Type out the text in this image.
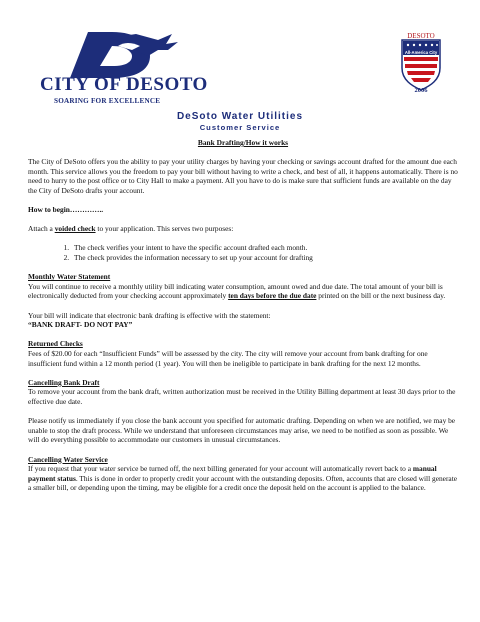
CITY OF DESOTO
SOARING FOR EXCELLENCE
DESOTO
All-America City
2006
DeSoto Water Utilities
Customer Service
Bank Drafting/How it works

The City of DeSoto offers you the ability to pay your utility charges by having your checking or savings account drafted for the amount due each month. This service allows you the freedom to pay your bill without having to write a check, and best of all, it happens automatically. There is no need to hurry to the post office or to City Hall to make a payment. All you have to do is make sure that sufficient funds are available on the day the City of DeSoto drafts your account.

How to begin…………..

Attach a voided check to your application. This serves two purposes:

1. The check verifies your intent to have the specific account drafted each month.
2. The check provides the information necessary to set up your account for drafting

Monthly Water Statement
You will continue to receive a monthly utility bill indicating water consumption, amount owed and due date. The total amount of your bill is electronically deducted from your checking account approximately ten days before the due date printed on the bill or the next business day.

Your bill will indicate that electronic bank drafting is effective with the statement:
“BANK DRAFT- DO NOT PAY”

Returned Checks
Fees of $20.00 for each “Insufficient Funds” will be assessed by the city. The city will remove your account from bank drafting for one insufficient fund within a 12 month period (1 year). You will then be ineligible to participate in bank drafting for the next 12 months.

Cancelling Bank Draft
To remove your account from the bank draft, written authorization must be received in the Utility Billing department at least 30 days prior to the effective due date.

Please notify us immediately if you close the bank account you specified for automatic drafting. Depending on when we are notified, we may be unable to stop the draft process. While we understand that unforeseen circumstances may arise, we need to be notified as soon as possible. We will do everything possible to accommodate our customers in unusual circumstances.

Cancelling Water Service
If you request that your water service be turned off, the next billing generated for your account will automatically revert back to a manual payment status. This is done in order to properly credit your account with the outstanding deposits. Often, accounts that are closed will generate a smaller bill, or depending upon the timing, may be eligible for a credit once the deposit held on the account is applied to the balance.
